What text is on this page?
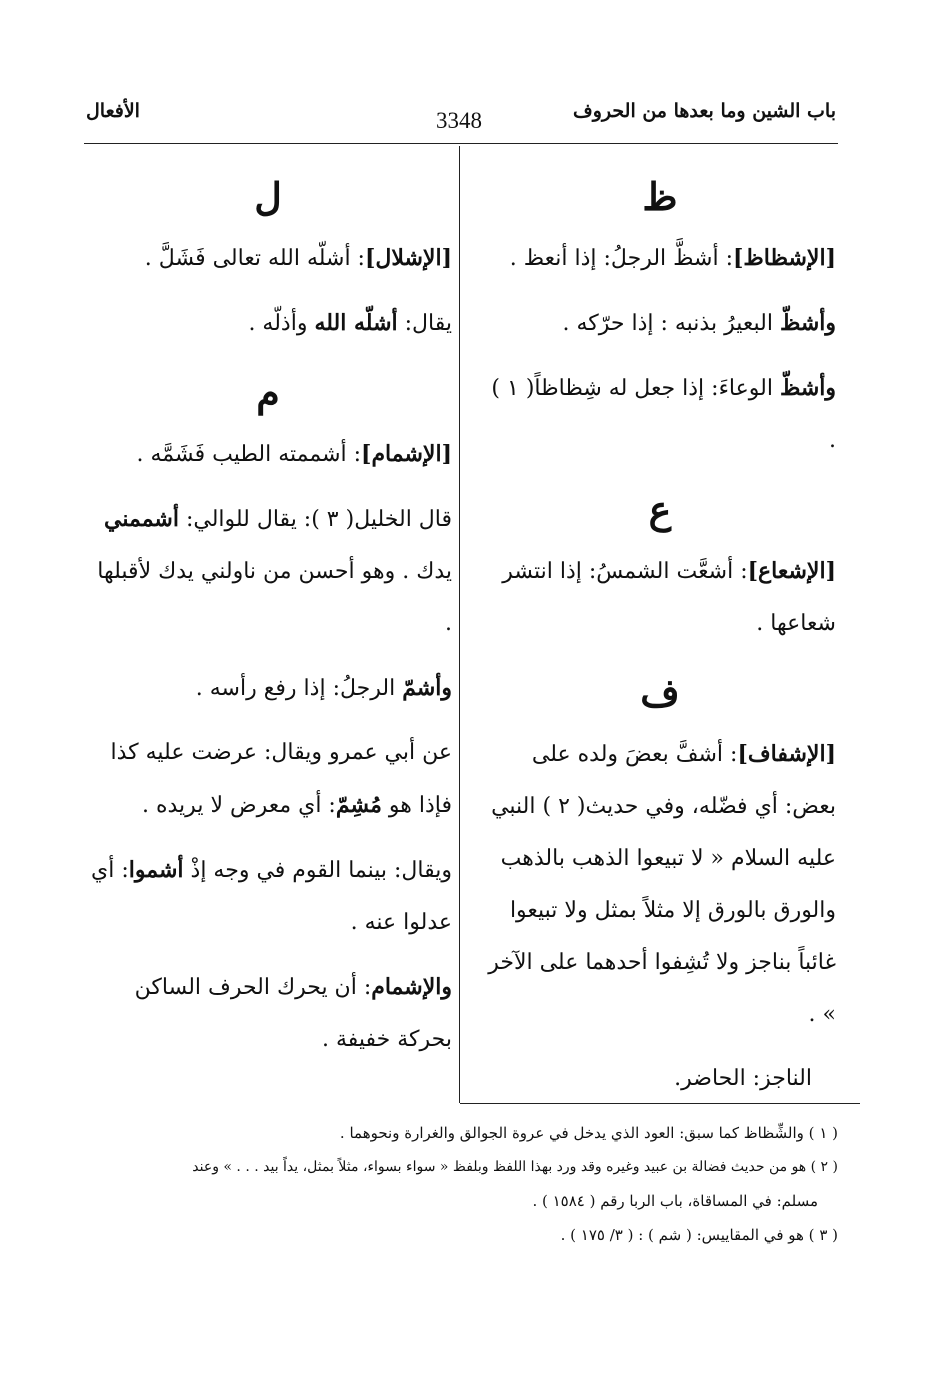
باب الشين وما بعدها من الحروف
3348
الأفعال
ظ

[الإشظاظ]: أشظَّ الرجلُ: إذا أنعظ .

وأشظّ البعيرُ بذنبه : إذا حرّكه .

وأشظّ الوعاءَ: إذا جعل له شِظاظاً( ١ ) .

ع

[الإشعاع]: أشعَّت الشمسُ: إذا انتشر شعاعها .

ف

[الإشفاف]: أشفَّ بعضَ ولده على بعض: أي فضّله، وفي حديث( ٢ ) النبي عليه السلام « لا تبيعوا الذهب بالذهب والورق بالورق إلا مثلاً بمثل ولا تبيعوا غائباً بناجز ولا تُشِفوا أحدهما على الآخر » .

الناجز: الحاضر.

ل

[الإشلال]: أشلّه الله تعالى فَشَلَّ .

يقال: أشلّه الله وأذلّه .

م

[الإشمام]: أشممته الطيب فَشَمَّه .

قال الخليل( ٣ ): يقال للوالي: أشممني يدك . وهو أحسن من ناولني يدك لأقبلها .

وأشمّ الرجلُ: إذا رفع رأسه .

عن أبي عمرو ويقال: عرضت عليه كذا فإذا هو مُشِمّ: أي معرض لا يريده .

ويقال: بينما القوم في وجه إذْ أشموا: أي عدلوا عنه .

والإشمام: أن يحرك الحرف الساكن بحركة خفيفة .

( ١ ) والشِّظاظ كما سبق: العود الذي يدخل في عروة الجوالق والغرارة ونحوهما .
( ٢ ) هو من حديث فضالة بن عبيد وغيره وقد ورد بهذا اللفظ وبلفظ « سواء بسواء، مثلاً بمثل، يداً بيد . . . » وعند
مسلم: في المساقاة، باب الربا رقم ( ١٥٨٤ ) .
( ٣ ) هو في المقاييس: ( شم ) : ( ٣/ ١٧٥ ) .
